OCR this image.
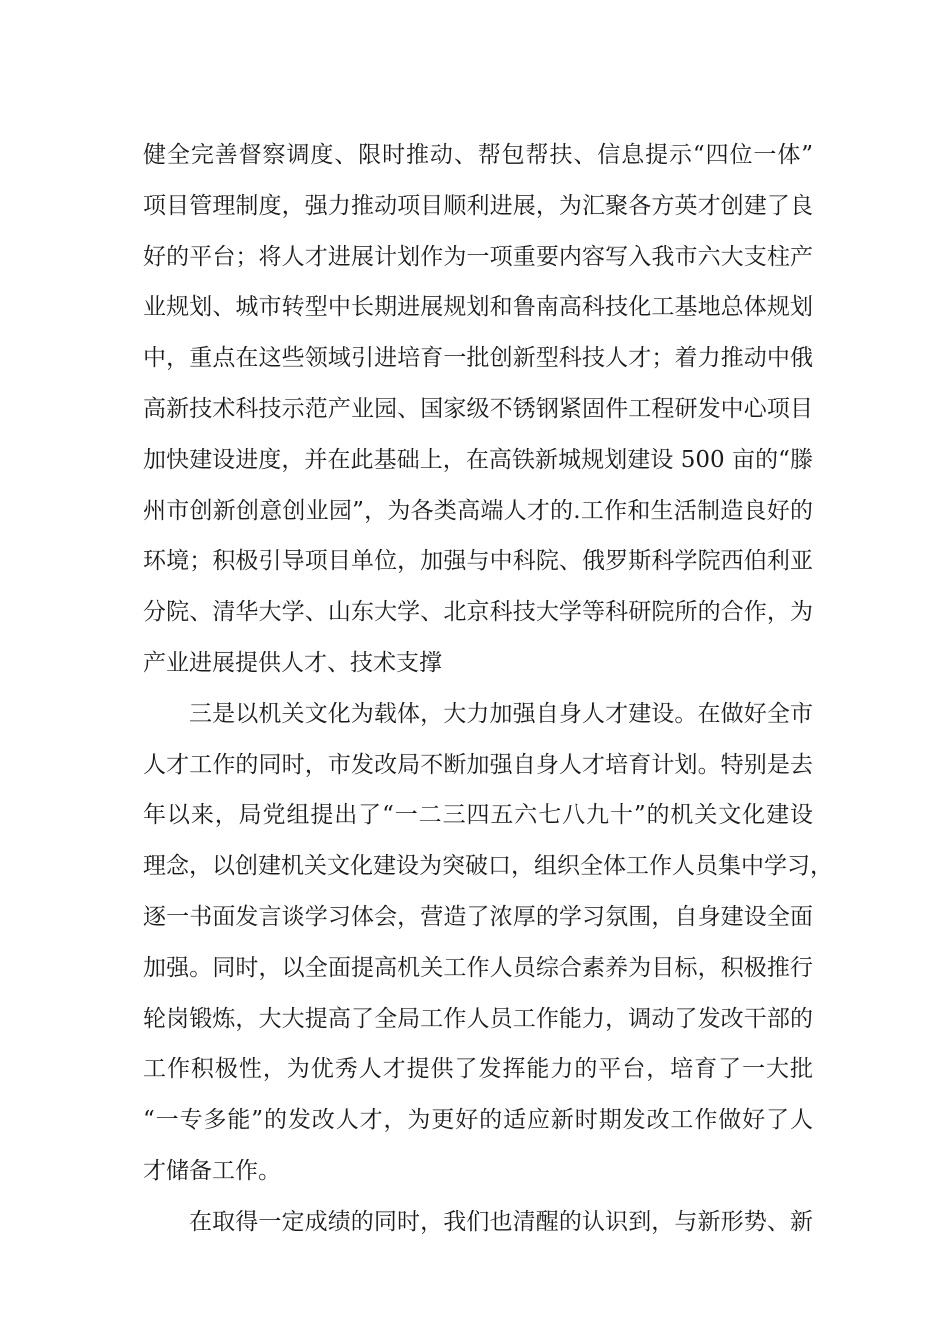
健全完善督察调度、限时推动、帮包帮扶、信息提示“四位一体”
项目管理制度，强力推动项目顺利进展，为汇聚各方英才创建了良
好的平台；将人才进展计划作为一项重要内容写入我市六大支柱产
业规划、城市转型中长期进展规划和鲁南高科技化工基地总体规划
中，重点在这些领域引进培育一批创新型科技人才；着力推动中俄
高新技术科技示范产业园、国家级不锈钢紧固件工程研发中心项目
加快建设进度，并在此基础上，在高铁新城规划建设 500 亩的“滕
州市创新创意创业园”，为各类高端人才的.工作和生活制造良好的
环境；积极引导项目单位，加强与中科院、俄罗斯科学院西伯利亚
分院、清华大学、山东大学、北京科技大学等科研院所的合作，为
产业进展提供人才、技术支撑
三是以机关文化为载体，大力加强自身人才建设。在做好全市
人才工作的同时，市发改局不断加强自身人才培育计划。特别是去
年以来，局党组提出了“一二三四五六七八九十”的机关文化建设
理念，以创建机关文化建设为突破口，组织全体工作人员集中学习，
逐一书面发言谈学习体会，营造了浓厚的学习氛围，自身建设全面
加强。同时，以全面提高机关工作人员综合素养为目标，积极推行
轮岗锻炼，大大提高了全局工作人员工作能力，调动了发改干部的
工作积极性，为优秀人才提供了发挥能力的平台，培育了一大批
“一专多能”的发改人才，为更好的适应新时期发改工作做好了人
才储备工作。
在取得一定成绩的同时，我们也清醒的认识到，与新形势、新
